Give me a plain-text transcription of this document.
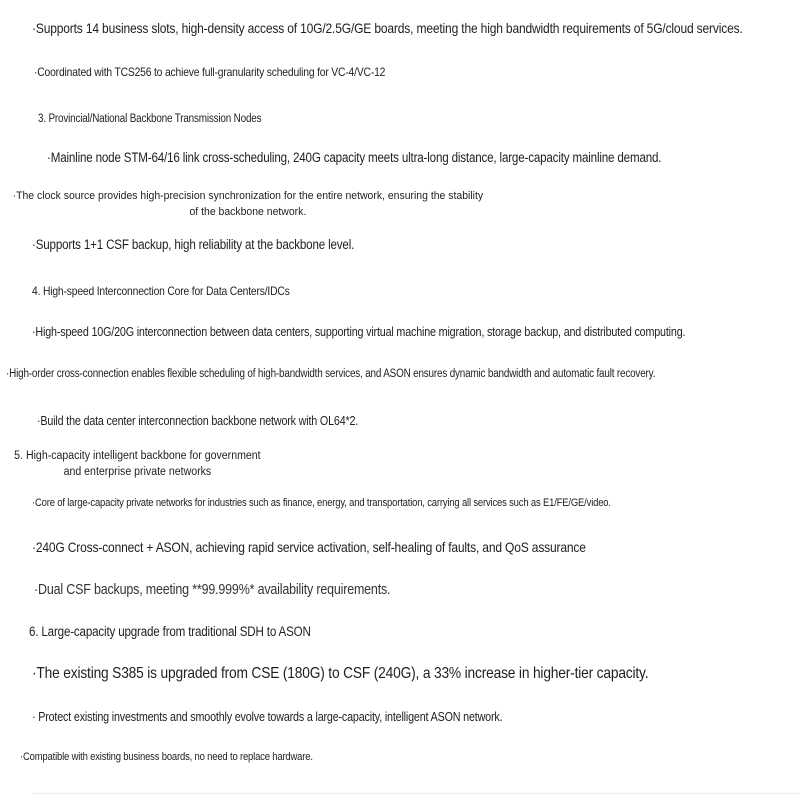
·Supports 14 business slots, high-density access of 10G/2.5G/GE boards, meeting the high bandwidth requirements of 5G/cloud services.
·Coordinated with TCS256 to achieve full-granularity scheduling for VC-4/VC-12
3. Provincial/National Backbone Transmission Nodes
·Mainline node STM-64/16 link cross-scheduling, 240G capacity meets ultra-long distance, large-capacity mainline demand.
·The clock source provides high-precision synchronization for the entire network, ensuring the stability of the backbone network.
·Supports 1+1 CSF backup, high reliability at the backbone level.
4. High-speed Interconnection Core for Data Centers/IDCs
·High-speed 10G/20G interconnection between data centers, supporting virtual machine migration, storage backup, and distributed computing.
·High-order cross-connection enables flexible scheduling of high-bandwidth services, and ASON ensures dynamic bandwidth and automatic fault recovery.
·Build the data center interconnection backbone network with OL64*2.
5. High-capacity intelligent backbone for government and enterprise private networks
·Core of large-capacity private networks for industries such as finance, energy, and transportation, carrying all services such as E1/FE/GE/video.
·240G Cross-connect + ASON, achieving rapid service activation, self-healing of faults, and QoS assurance
·Dual CSF backups, meeting **99.999%* availability requirements.
6. Large-capacity upgrade from traditional SDH to ASON
·The existing S385 is upgraded from CSE (180G) to CSF (240G), a 33% increase in higher-tier capacity.
· Protect existing investments and smoothly evolve towards a large-capacity, intelligent ASON network.
·Compatible with existing business boards, no need to replace hardware.
